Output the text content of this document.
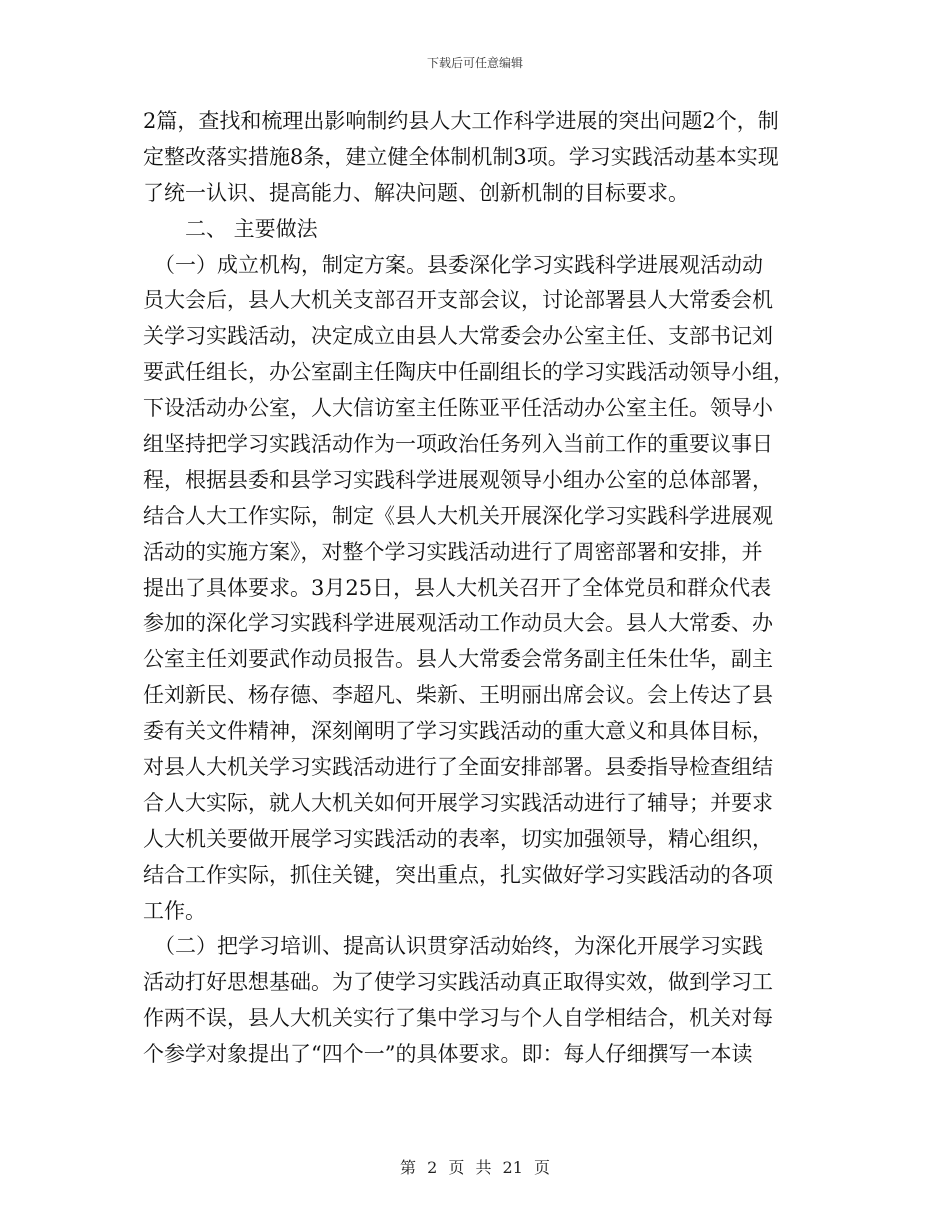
下载后可任意编辑
2篇，查找和梳理出影响制约县人大工作科学进展的突出问题2个，制
定整改落实措施8条，建立健全体制机制3项。学习实践活动基本实现
了统一认识、提高能力、解决问题、创新机制的目标要求。
二、 主要做法
（一）成立机构，制定方案。县委深化学习实践科学进展观活动动
员大会后，县人大机关支部召开支部会议，讨论部署县人大常委会机
关学习实践活动，决定成立由县人大常委会办公室主任、支部书记刘
要武任组长，办公室副主任陶庆中任副组长的学习实践活动领导小组，
下设活动办公室，人大信访室主任陈亚平任活动办公室主任。领导小
组坚持把学习实践活动作为一项政治任务列入当前工作的重要议事日
程，根据县委和县学习实践科学进展观领导小组办公室的总体部署，
结合人大工作实际，制定《县人大机关开展深化学习实践科学进展观
活动的实施方案》，对整个学习实践活动进行了周密部署和安排，并
提出了具体要求。3月25日，县人大机关召开了全体党员和群众代表
参加的深化学习实践科学进展观活动工作动员大会。县人大常委、办
公室主任刘要武作动员报告。县人大常委会常务副主任朱仕华，副主
任刘新民、杨存德、李超凡、柴新、王明丽出席会议。会上传达了县
委有关文件精神，深刻阐明了学习实践活动的重大意义和具体目标，
对县人大机关学习实践活动进行了全面安排部署。县委指导检查组结
合人大实际，就人大机关如何开展学习实践活动进行了辅导；并要求
人大机关要做开展学习实践活动的表率，切实加强领导，精心组织，
结合工作实际，抓住关键，突出重点，扎实做好学习实践活动的各项
工作。
（二）把学习培训、提高认识贯穿活动始终，为深化开展学习实践
活动打好思想基础。为了使学习实践活动真正取得实效，做到学习工
作两不误，县人大机关实行了集中学习与个人自学相结合，机关对每
个参学对象提出了“四个一”的具体要求。即：每人仔细撰写一本读
第 2 页 共 21 页
